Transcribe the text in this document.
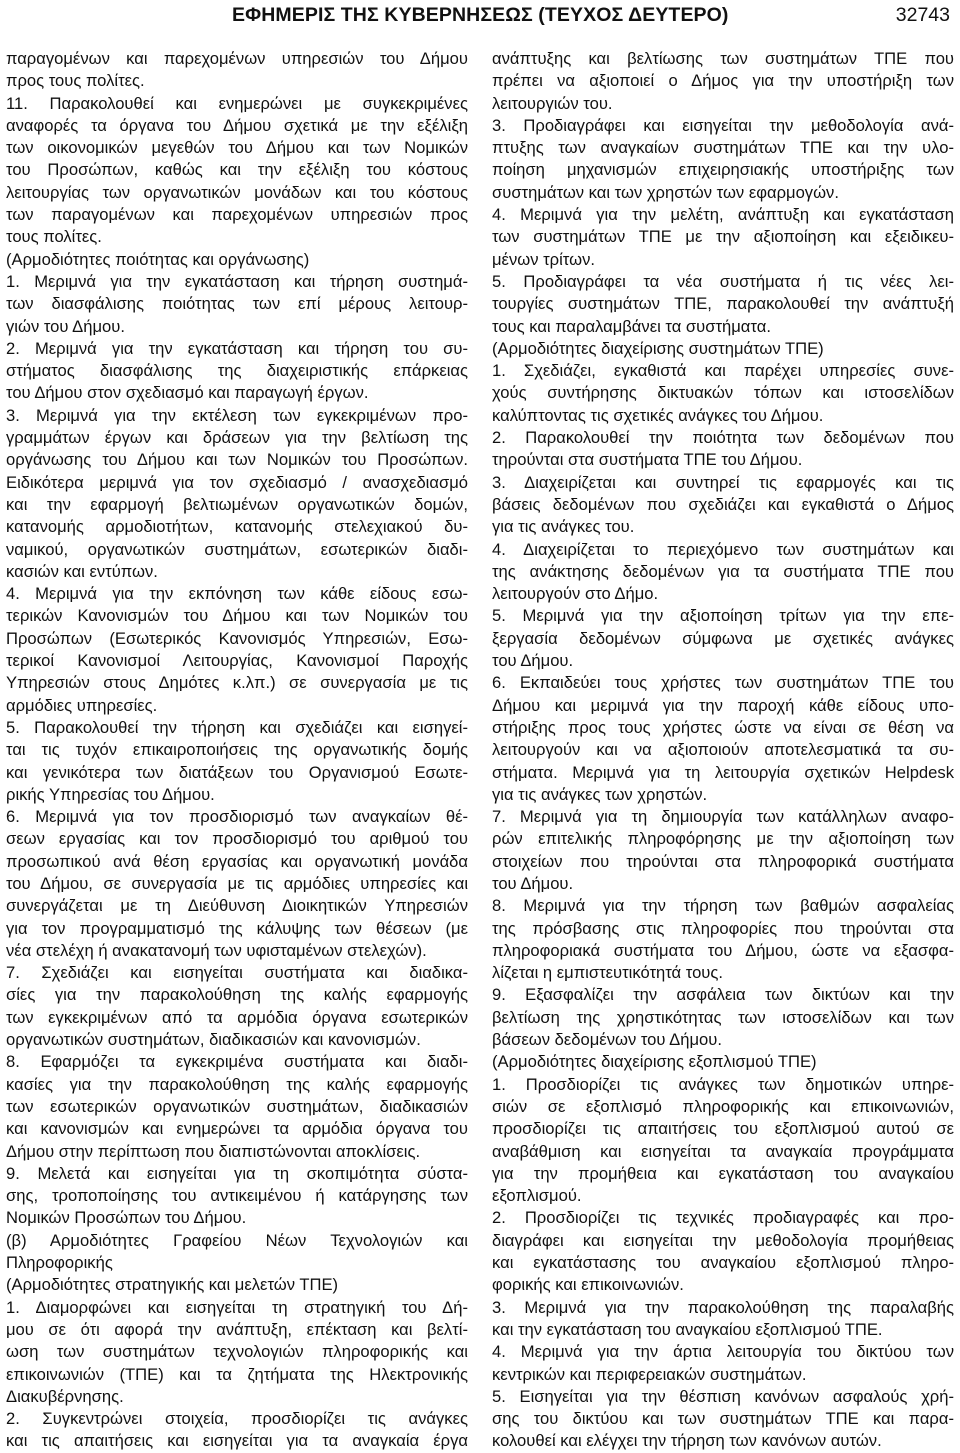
ΕΦΗΜΕΡΙΣ ΤΗΣ ΚΥΒΕΡΝΗΣΕΩΣ (ΤΕΥΧΟΣ ΔΕΥΤΕΡΟ)	32743
παραγομένων και παρεχομένων υπηρεσιών του Δήμου
προς τους πολίτες.
11. Παρακολουθεί και ενημερώνει με συγκεκριμένες
αναφορές τα όργανα του Δήμου σχετικά με την εξέλιξη
των οικονομικών μεγεθών του Δήμου και των Νομικών
του Προσώπων, καθώς και την εξέλιξη του κόστους
λειτουργίας των οργανωτικών μονάδων και του κόστους
των παραγομένων και παρεχομένων υπηρεσιών προς
τους πολίτες.
(Αρμοδιότητες ποιότητας και οργάνωσης)
1. Μεριμνά για την εγκατάσταση και τήρηση συστημά-
των διασφάλισης ποιότητας των επί μέρους λειτουρ-
γιών του Δήμου.
2. Μεριμνά για την εγκατάσταση και τήρηση του συ-
στήματος διασφάλισης της διαχειριστικής επάρκειας
του Δήμου στον σχεδιασμό και παραγωγή έργων.
3. Μεριμνά για την εκτέλεση των εγκεκριμένων προ-
γραμμάτων έργων και δράσεων για την βελτίωση της
οργάνωσης του Δήμου και των Νομικών του Προσώπων.
Ειδικότερα μεριμνά για τον σχεδιασμό / ανασχεδιασμό
και την εφαρμογή βελτιωμένων οργανωτικών δομών,
κατανομής αρμοδιοτήτων, κατανομής στελεχιακού δυ-
ναμικού, οργανωτικών συστημάτων, εσωτερικών διαδι-
κασιών και εντύπων.
4. Μεριμνά για την εκπόνηση των κάθε είδους εσω-
τερικών Κανονισμών του Δήμου και των Νομικών του
Προσώπων (Εσωτερικός Κανονισμός Υπηρεσιών, Εσω-
τερικοί Κανονισμοί Λειτουργίας, Κανονισμοί Παροχής
Υπηρεσιών στους Δημότες κ.λπ.) σε συνεργασία με τις
αρμόδιες υπηρεσίες.
5. Παρακολουθεί την τήρηση και σχεδιάζει και εισηγεί-
ται τις τυχόν επικαιροποιήσεις της οργανωτικής δομής
και γενικότερα των διατάξεων του Οργανισμού Εσωτε-
ρικής Υπηρεσίας του Δήμου.
6. Μεριμνά για τον προσδιορισμό των αναγκαίων θέ-
σεων εργασίας και τον προσδιορισμό του αριθμού του
προσωπικού ανά θέση εργασίας και οργανωτική μονάδα
του Δήμου, σε συνεργασία με τις αρμόδιες υπηρεσίες και
συνεργάζεται με τη Διεύθυνση Διοικητικών Υπηρεσιών
για τον προγραμματισμό της κάλυψης των θέσεων (με
νέα στελέχη ή ανακατανομή των υφισταμένων στελεχών).
7. Σχεδιάζει και εισηγείται συστήματα και διαδικα-
σίες για την παρακολούθηση της καλής εφαρμογής
των εγκεκριμένων από τα αρμόδια όργανα εσωτερικών
οργανωτικών συστημάτων, διαδικασιών και κανονισμών.
8. Εφαρμόζει τα εγκεκριμένα συστήματα και διαδι-
κασίες για την παρακολούθηση της καλής εφαρμογής
των εσωτερικών οργανωτικών συστημάτων, διαδικασιών
και κανονισμών και ενημερώνει τα αρμόδια όργανα του
Δήμου στην περίπτωση που διαπιστώνονται αποκλίσεις.
9. Μελετά και εισηγείται για τη σκοπιμότητα σύστα-
σης, τροποποίησης του αντικειμένου ή κατάργησης των
Νομικών Προσώπων του Δήμου.
(β) Αρμοδιότητες Γραφείου Νέων Τεχνολογιών και
Πληροφορικής
(Αρμοδιότητες στρατηγικής και μελετών ΤΠΕ)
1. Διαμορφώνει και εισηγείται τη στρατηγική του Δή-
μου σε ότι αφορά την ανάπτυξη, επέκταση και βελτί-
ωση των συστημάτων τεχνολογιών πληροφορικής και
επικοινωνιών (ΤΠΕ) και τα ζητήματα της Ηλεκτρονικής
Διακυβέρνησης.
2. Συγκεντρώνει στοιχεία, προσδιορίζει τις ανάγκες
και τις απαιτήσεις και εισηγείται για τα αναγκαία έργα
ανάπτυξης και βελτίωσης των συστημάτων ΤΠΕ που
πρέπει να αξιοποιεί ο Δήμος για την υποστήριξη των
λειτουργιών του.
3. Προδιαγράφει και εισηγείται την μεθοδολογία ανά-
πτυξης των αναγκαίων συστημάτων ΤΠΕ και την υλο-
ποίηση μηχανισμών επιχειρησιακής υποστήριξης των
συστημάτων και των χρηστών των εφαρμογών.
4. Μεριμνά για την μελέτη, ανάπτυξη και εγκατάσταση
των συστημάτων ΤΠΕ με την αξιοποίηση και εξειδικευ-
μένων τρίτων.
5. Προδιαγράφει τα νέα συστήματα ή τις νέες λει-
τουργίες συστημάτων ΤΠΕ, παρακολουθεί την ανάπτυξή
τους και παραλαμβάνει τα συστήματα.
(Αρμοδιότητες διαχείρισης συστημάτων ΤΠΕ)
1. Σχεδιάζει, εγκαθιστά και παρέχει υπηρεσίες συνε-
χούς συντήρησης δικτυακών τόπων και ιστοσελίδων
καλύπτοντας τις σχετικές ανάγκες του Δήμου.
2. Παρακολουθεί την ποιότητα των δεδομένων που
τηρούνται στα συστήματα ΤΠΕ του Δήμου.
3. Διαχειρίζεται και συντηρεί τις εφαρμογές και τις
βάσεις δεδομένων που σχεδιάζει και εγκαθιστά ο Δήμος
για τις ανάγκες του.
4. Διαχειρίζεται το περιεχόμενο των συστημάτων και
της ανάκτησης δεδομένων για τα συστήματα ΤΠΕ που
λειτουργούν στο Δήμο.
5. Μεριμνά για την αξιοποίηση τρίτων για την επε-
ξεργασία δεδομένων σύμφωνα με σχετικές ανάγκες
του Δήμου.
6. Εκπαιδεύει τους χρήστες των συστημάτων ΤΠΕ του
Δήμου και μεριμνά για την παροχή κάθε είδους υπο-
στήριξης προς τους χρήστες ώστε να είναι σε θέση να
λειτουργούν και να αξιοποιούν αποτελεσματικά τα συ-
στήματα. Μεριμνά για τη λειτουργία σχετικών Helpdesk
για τις ανάγκες των χρηστών.
7. Μεριμνά για τη δημιουργία των κατάλληλων αναφο-
ρών επιτελικής πληροφόρησης με την αξιοποίηση των
στοιχείων που τηρούνται στα πληροφορικά συστήματα
του Δήμου.
8. Μεριμνά για την τήρηση των βαθμών ασφαλείας
της πρόσβασης στις πληροφορίες που τηρούνται στα
πληροφοριακά συστήματα του Δήμου, ώστε να εξασφα-
λίζεται η εμπιστευτικότητά τους.
9. Εξασφαλίζει την ασφάλεια των δικτύων και την
βελτίωση της χρηστικότητας των ιστοσελίδων και των
βάσεων δεδομένων του Δήμου.
(Αρμοδιότητες διαχείρισης εξοπλισμού ΤΠΕ)
1. Προσδιορίζει τις ανάγκες των δημοτικών υπηρε-
σιών σε εξοπλισμό πληροφορικής και επικοινωνιών,
προσδιορίζει τις απαιτήσεις του εξοπλισμού αυτού σε
αναβάθμιση και εισηγείται τα αναγκαία προγράμματα
για την προμήθεια και εγκατάσταση του αναγκαίου
εξοπλισμού.
2. Προσδιορίζει τις τεχνικές προδιαγραφές και προ-
διαγράφει και εισηγείται την μεθοδολογία προμήθειας
και εγκατάστασης του αναγκαίου εξοπλισμού πληρο-
φορικής και επικοινωνιών.
3. Μεριμνά για την παρακολούθηση της παραλαβής
και την εγκατάσταση του αναγκαίου εξοπλισμού ΤΠΕ.
4. Μεριμνά για την άρτια λειτουργία του δικτύου των
κεντρικών και περιφερειακών συστημάτων.
5. Εισηγείται για την θέσπιση κανόνων ασφαλούς χρή-
σης του δικτύου και των συστημάτων ΤΠΕ και παρα-
κολουθεί και ελέγχει την τήρηση των κανόνων αυτών.
